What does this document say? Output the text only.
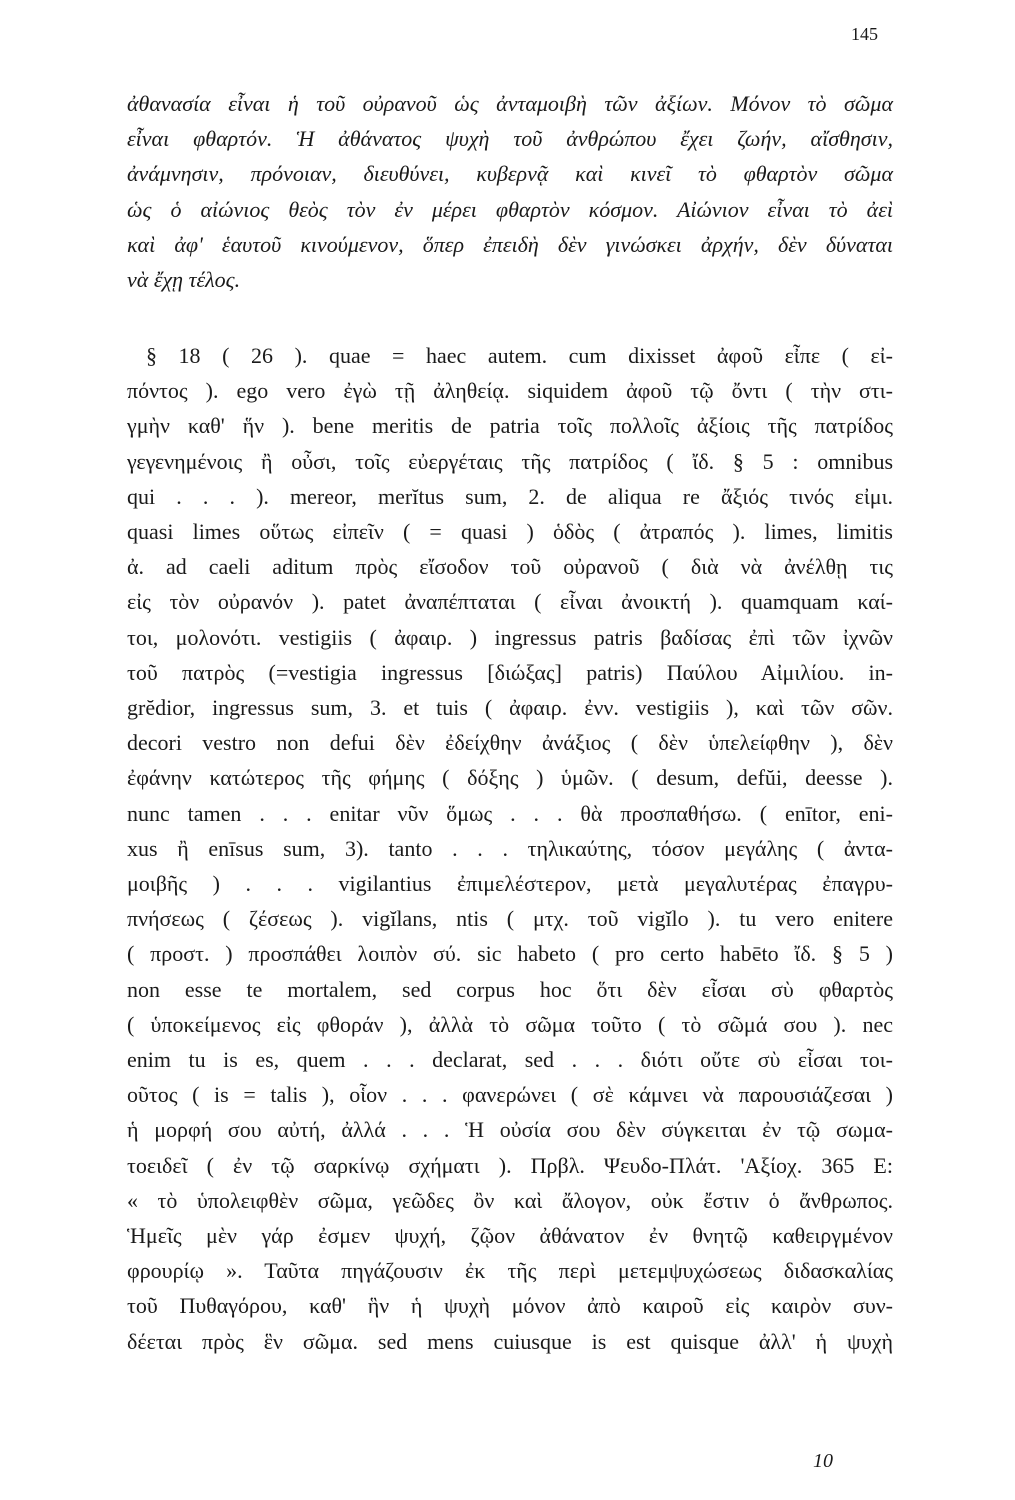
145
ἀθανασία εἶναι ἡ τοῦ οὐρανοῦ ὡς ἀνταμοιβὴ τῶν ἀξίων. Μόνον τὸ σῶμα
εἶναι φθαρτόν. Ἡ ἀθάνατος ψυχὴ τοῦ ἀνθρώπου ἔχει ζωήν, αἴσθησιν,
ἀνάμνησιν, πρόνοιαν, διευθύνει, κυβερνᾷ καὶ κινεῖ τὸ φθαρτὸν σῶμα
ὡς ὁ αἰώνιος θεὸς τὸν ἐν μέρει φθαρτὸν κόσμον. Αἰώνιον εἶναι τὸ ἀεὶ
καὶ ἀφ' ἑαυτοῦ κινούμενον, ὅπερ ἐπειδὴ δὲν γινώσκει ἀρχήν, δὲν δύναται
νὰ ἔχῃ τέλος.
§ 18 ( 26 ). quae = haec autem. cum dixisset ἀφοῦ εἶπε ( εἰ-
πόντος ). ego vero ἐγὼ τῇ ἀληθείᾳ. siquidem ἀφοῦ τῷ ὄντι ( τὴν στι-
γμὴν καθ' ἥν ). bene meritis de patria τοῖς πολλοῖς ἀξίοις τῆς πατρίδος
γεγενημένοις ἢ οὖσι, τοῖς εὐεργέταις τῆς πατρίδος ( ἴδ. § 5 : omnibus
qui . . . ). mereor, merĭtus sum, 2. de aliqua re ἄξιός τινός εἰμι.
quasi limes οὕτως εἰπεῖν ( = quasi ) ὁδὸς ( ἀτραπός ). limes, limitis
ἀ. ad caeli aditum πρὸς εἴσοδον τοῦ οὐρανοῦ ( διὰ νὰ ἀνέλθῃ τις
εἰς τὸν οὐρανόν ). patet ἀναπέπταται ( εἶναι ἀνοικτή ). quamquam καί-
τοι, μολονότι. vestigiis ( ἀφαιρ. ) ingressus patris βαδίσας ἐπὶ τῶν ἰχνῶν
τοῦ πατρὸς (=vestigia ingressus [διώξας] patris) Παύλου Αἰμιλίου. in-
grĕdior, ingressus sum, 3. et tuis ( ἀφαιρ. ἐνν. vestigiis ), καὶ τῶν σῶν.
decori vestro non defui δὲν ἐδείχθην ἀνάξιος ( δὲν ὑπελείφθην ), δὲν
ἐφάνην κατώτερος τῆς φήμης ( δόξης ) ὑμῶν. ( desum, defŭi, deesse ).
nunc tamen . . . enitar νῦν ὅμως . . . θὰ προσπαθήσω. ( enītor, eni-
xus ἢ enīsus sum, 3). tanto . . . τηλικαύτης, τόσον μεγάλης ( ἀντα-
μοιβῆς ) . . . vigilantius ἐπιμελέστερον, μετὰ μεγαλυτέρας ἐπαγρυ-
πνήσεως ( ζέσεως ). vigĭlans, ntis ( μτχ. τοῦ vigĭlo ). tu vero enitere
( προστ. ) προσπάθει λοιπὸν σύ. sic habeto ( pro certo habēto ἴδ. § 5 )
non esse te mortalem, sed corpus hoc ὅτι δὲν εἶσαι σὺ φθαρτὸς
( ὑποκείμενος εἰς φθοράν ), ἀλλὰ τὸ σῶμα τοῦτο ( τὸ σῶμά σου ). nec
enim tu is es, quem . . . declarat, sed . . . διότι οὔτε σὺ εἶσαι τοι-
οῦτος ( is = talis ), οἷον . . . φανερώνει ( σὲ κάμνει νὰ παρουσιάζεσαι )
ἡ μορφή σου αὐτή, ἀλλά . . . Ἡ οὐσία σου δὲν σύγκειται ἐν τῷ σωμα-
τοειδεῖ ( ἐν τῷ σαρκίνῳ σχήματι ). Πρβλ. Ψευδο-Πλάτ. 'Αξίοχ. 365 Ε:
« τὸ ὑπολειφθὲν σῶμα, γεῶδες ὂν καὶ ἄλογον, οὐκ ἔστιν ὁ ἄνθρωπος.
Ἡμεῖς μὲν γάρ ἐσμεν ψυχή, ζῷον ἀθάνατον ἐν θνητῷ καθειργμένον
φρουρίῳ ». Ταῦτα πηγάζουσιν ἐκ τῆς περὶ μετεμψυχώσεως διδασκαλίας
τοῦ Πυθαγόρου, καθ' ἣν ἡ ψυχὴ μόνον ἀπὸ καιροῦ εἰς καιρὸν συν-
δέεται πρὸς ἓν σῶμα. sed mens cuiusque is est quisque ἀλλ' ἡ ψυχὴ
10
